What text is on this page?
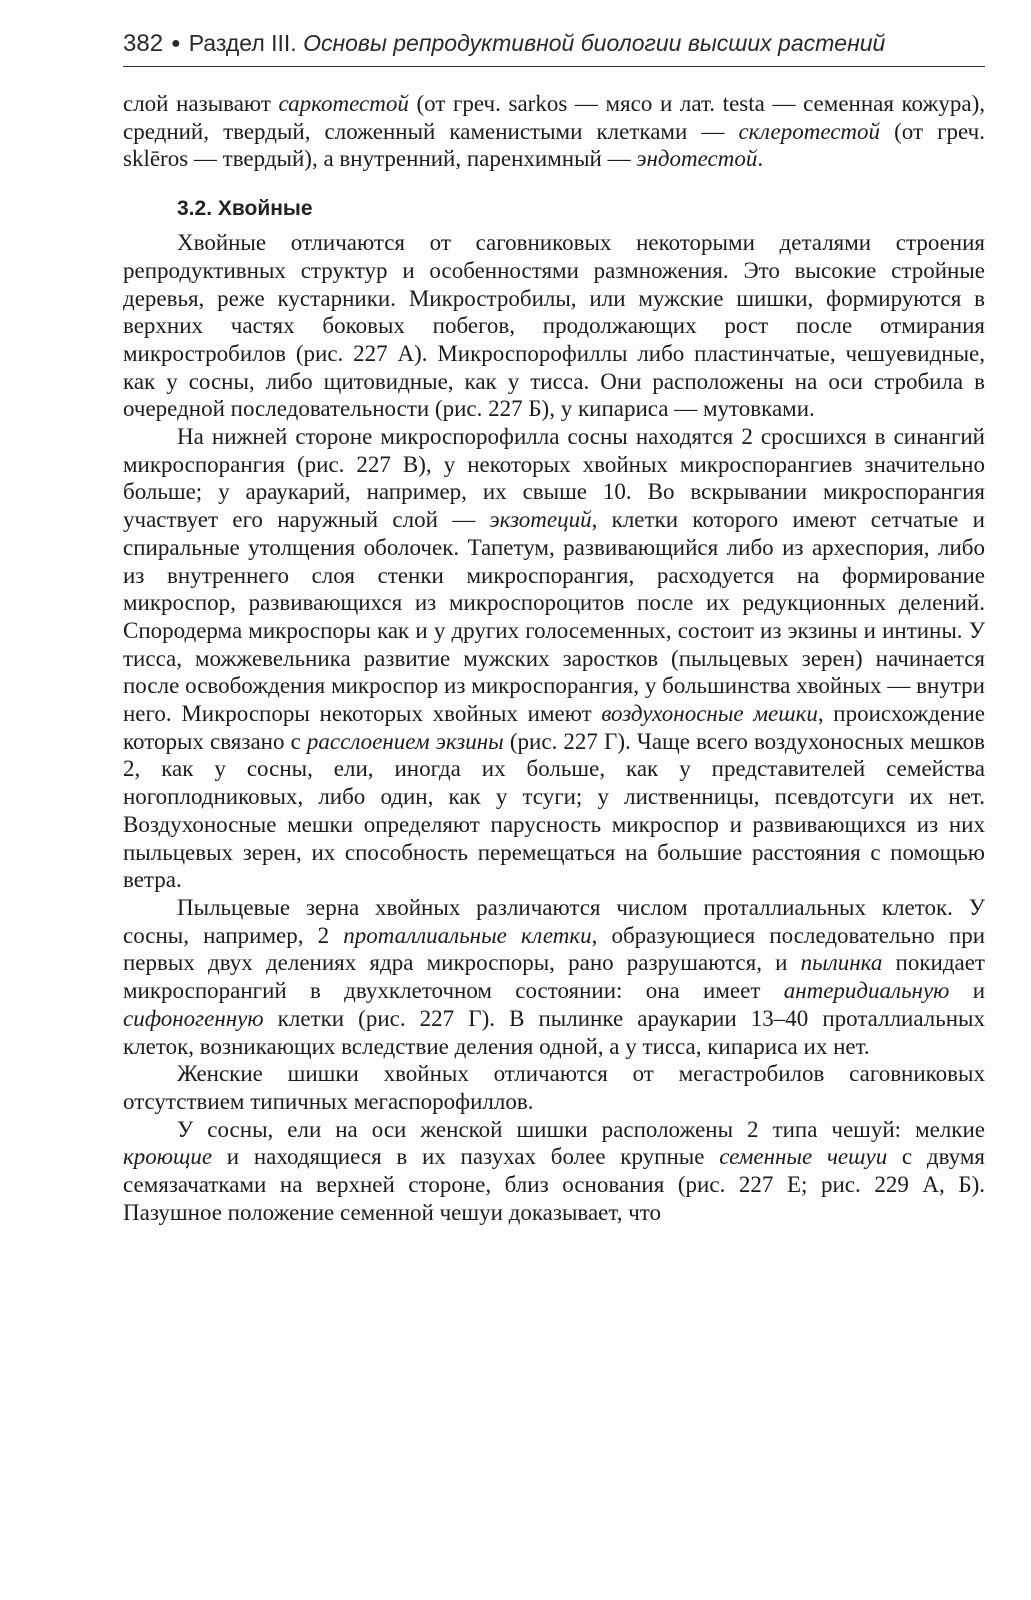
382 ● Раздел III. Основы репродуктивной биологии высших растений

слой называют саркотестой (от греч. sarkos — мясо и лат. testa — семенная кожура), средний, твердый, сложенный каменистыми клетками — склеротестой (от греч. sklēros — твердый), а внутренний, паренхимный — эндотестой.

3.2. Хвойные

Хвойные отличаются от саговниковых некоторыми деталями строения репродуктивных структур и особенностями размножения. Это высокие стройные деревья, реже кустарники. Микростробилы, или мужские шишки, формируются в верхних частях боковых побегов, продолжающих рост после отмирания микростробилов (рис. 227 А). Микроспорофиллы либо пластинчатые, чешуевидные, как у сосны, либо щитовидные, как у тисса. Они расположены на оси стробила в очередной последовательности (рис. 227 Б), у кипариса — мутовками.

На нижней стороне микроспорофилла сосны находятся 2 сросшихся в синангий микроспорангия (рис. 227 В), у некоторых хвойных микроспорангиев значительно больше; у араукарий, например, их свыше 10. Во вскрывании микроспорангия участвует его наружный слой — экзотеций, клетки которого имеют сетчатые и спиральные утолщения оболочек. Тапетум, развивающийся либо из археспория, либо из внутреннего слоя стенки микроспорангия, расходуется на формирование микроспор, развивающихся из микроспороцитов после их редукционных делений. Спородерма микроспоры как и у других голосеменных, состоит из экзины и интины. У тисса, можжевельника развитие мужских заростков (пыльцевых зерен) начинается после освобождения микроспор из микроспорангия, у большинства хвойных — внутри него. Микроспоры некоторых хвойных имеют воздухоносные мешки, происхождение которых связано с расслоением экзины (рис. 227 Г). Чаще всего воздухоносных мешков 2, как у сосны, ели, иногда их больше, как у представителей семейства ногоплодниковых, либо один, как у тсуги; у лиственницы, псевдотсуги их нет. Воздухоносные мешки определяют парусность микроспор и развивающихся из них пыльцевых зерен, их способность перемещаться на большие расстояния с помощью ветра.

Пыльцевые зерна хвойных различаются числом проталлиальных клеток. У сосны, например, 2 проталлиальные клетки, образующиеся последовательно при первых двух делениях ядра микроспоры, рано разрушаются, и пылинка покидает микроспорангий в двухклеточном состоянии: она имеет антеридиальную и сифоногенную клетки (рис. 227 Г). В пылинке араукарии 13–40 проталлиальных клеток, возникающих вследствие деления одной, а у тисса, кипариса их нет.

Женские шишки хвойных отличаются от мегастробилов саговниковых отсутствием типичных мегаспорофиллов.

У сосны, ели на оси женской шишки расположены 2 типа чешуй: мелкие кроющие и находящиеся в их пазухах более крупные семенные чешуи с двумя семязачатками на верхней стороне, близ основания (рис. 227 Е; рис. 229 А, Б). Пазушное положение семенной чешуи доказывает, что
